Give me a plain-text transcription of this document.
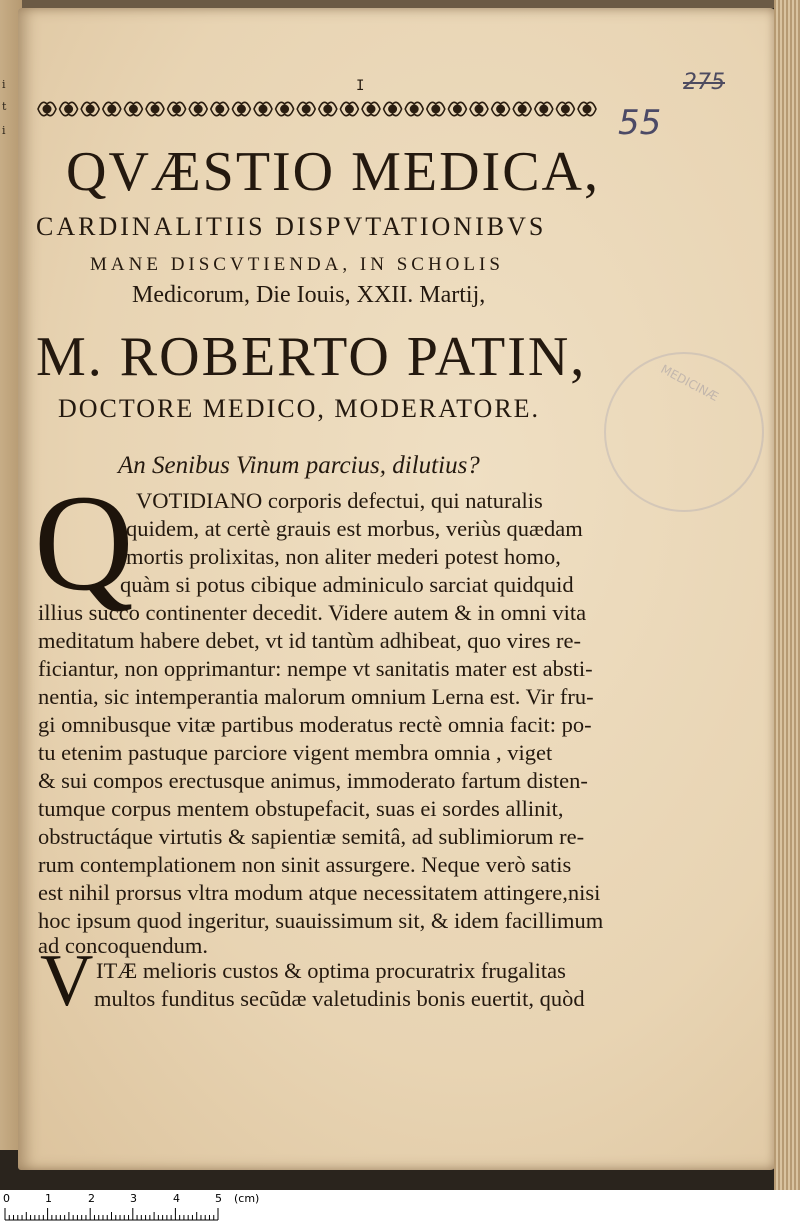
i
t
i
MEDICINÆ
I	275
55
QVÆSTIO MEDICA,
CARDINALITIIS DISPVTATIONIBVS
MANE DISCVTIENDA, IN SCHOLIS
Medicorum, Die Iouis, XXII. Martij,
M. ROBERTO PATIN,
DOCTORE MEDICO, MODERATORE.
An Senibus Vinum parcius, dilutius?
Q VOTIDIANO corporis defectui, qui naturalis
quidem, at certè grauis est morbus, veriùs quædam
mortis prolixitas, non aliter mederi potest homo,
quàm si potus cibique adminiculo sarciat quidquid
illius succo continenter decedit. Videre autem & in omni vita
meditatum habere debet, vt id tantùm adhibeat, quo vires re-
ficiantur, non opprimantur: nempe vt sanitatis mater est absti-
nentia, sic intemperantia malorum omnium Lerna est. Vir fru-
gi omnibusque vitæ partibus moderatus rectè omnia facit: po-
tu etenim pastuque parciore vigent membra omnia , viget
& sui compos erectusque animus, immoderato fartum disten-
tumque corpus mentem obstupefacit, suas ei sordes allinit,
obstructáque virtutis & sapientiæ semitâ, ad sublimiorum re-
rum contemplationem non sinit assurgere. Neque verò satis
est nihil prorsus vltra modum atque necessitatem attingere,nisi
hoc ipsum quod ingeritur, suauissimum sit, & idem facillimum
ad concoquendum.
V ITÆ melioris custos & optima procuratrix frugalitas
multos funditus secũdæ valetudinis bonis euertit, quòd
0	1	2	3	4	5 (cm)
